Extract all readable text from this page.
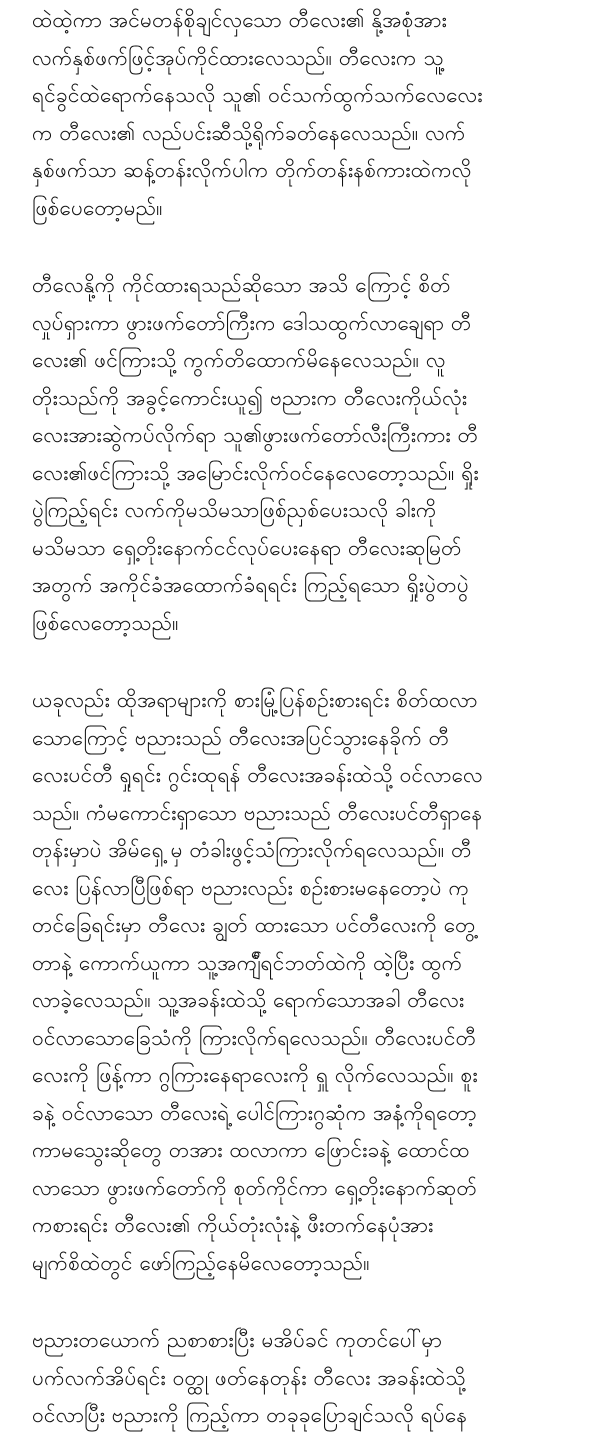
ထဲထဲ့ကာ အင်မတန်စိုချင်လှသော တီလေး၏ နို့အစုံအား
လက်နှစ်ဖက်ဖြင့်အုပ်ကိုင်ထားလေသည်။ တီလေးက သူ့
ရင်ခွင်ထဲရောက်နေသလို သူ၏ ဝင်သက်ထွက်သက်လေလေး
က တီလေး၏ လည်ပင်းဆီသို့ရိုက်ခတ်နေလေသည်။ လက်
နှစ်ဖက်သာ ဆန့်တန်းလိုက်ပါက တိုက်တန်းနစ်ကားထဲကလို
ဖြစ်ပေတော့မည်။
တီလေနို့ကို ကိုင်ထားရသည်ဆိုသော အသိ ကြောင့် စိတ်
လှုပ်ရှားကာ ဖွားဖက်တော်ကြီးက ဒေါသထွက်လာချေရာ တီ
လေး၏ ဖင်ကြားသို့ ကွက်တိထောက်မိနေလေသည်။ လူ
တိုးသည်ကို အခွင့်ကောင်းယူ၍ ဗညားက တီလေးကိုယ်လုံး
လေးအားဆွဲကပ်လိုက်ရာ သူ၏ဖွားဖက်တော်လီးကြီးကား တီ
လေး၏ဖင်ကြားသို့ အမြောင်းလိုက်ဝင်နေလေတော့သည်။ ရှိုး
ပွဲကြည့်ရင်း လက်ကိုမသိမသာဖြစ်ညှစ်ပေးသလို ခါးကို
မသိမသာ ရှေ့တိုးနောက်ငင်လုပ်ပေးနေရာ တီလေးဆုမြတ်
အတွက် အကိုင်ခံအထောက်ခံရရင်း ကြည့်ရသော ရှိုးပွဲတပွဲ
ဖြစ်လေတော့သည်။
ယခုလည်း ထိုအရာများကို စားမြုံ့ပြန်စဉ်းစားရင်း စိတ်ထလာ
သောကြောင့် ဗညားသည် တီလေးအပြင်သွားနေခိုက် တီ
လေးပင်တီ ရှုရင်း ဂွင်းထုရန် တီလေးအခန်းထဲသို့ ဝင်လာလေ
သည်။ ကံမကောင်းရှာသော ဗညားသည် တီလေးပင်တီရှာနေ
တုန်းမှာပဲ အိမ်ရှေ့ မှ တံခါးဖွင့်သံကြားလိုက်ရလေသည်။ တီ
လေး ပြန်လာပြီဖြစ်ရာ ဗညားလည်း စဉ်းစားမနေတော့ပဲ ကု
တင်ခြေရင်းမှာ တီလေး ချွတ် ထားသော ပင်တီလေးကို တွေ့
တာနဲ့ ကောက်ယူကာ သူ့အကျ်ီရင်ဘတ်ထဲကို ထဲ့ပြီး ထွက်
လာခဲ့လေသည်။ သူ့အခန်းထဲသို့ ရောက်သောအခါ တီလေး
ဝင်လာသောခြေသံကို ကြားလိုက်ရလေသည်။ တီလေးပင်တီ
လေးကို ဖြန့်ကာ ဂွကြားနေရာလေးကို ရှူ လိုက်လေသည်။ စူး
ခနဲ့ ဝင်လာသော တီလေးရဲ့ ပေါင်ကြားဂွဆုံက အနံ့ကိုရတော့
ကာမသွေးဆိုတွေ တအား ထလာကာ ဖြောင်းခနဲ့ ထောင်ထ
လာသော ဖွားဖက်တော်ကို စုတ်ကိုင်ကာ ရှေ့တိုးနောက်ဆုတ်
ကစားရင်း တီလေး၏ ကိုယ်တုံးလုံးနဲ့ ဖီးတက်နေပုံအား
မျက်စိထဲတွင် ဖော်ကြည့်နေမိလေတော့သည်။
ဗညားတယောက် ညစာစားပြီး မအိပ်ခင် ကုတင်ပေါ်မှာ
ပက်လက်အိပ်ရင်း ဝတ္ထု ဖတ်နေတုန်း တီလေး အခန်းထဲသို့
ဝင်လာပြီး ဗညားကို ကြည့်ကာ တခုခုပြောချင်သလို ရပ်နေ
